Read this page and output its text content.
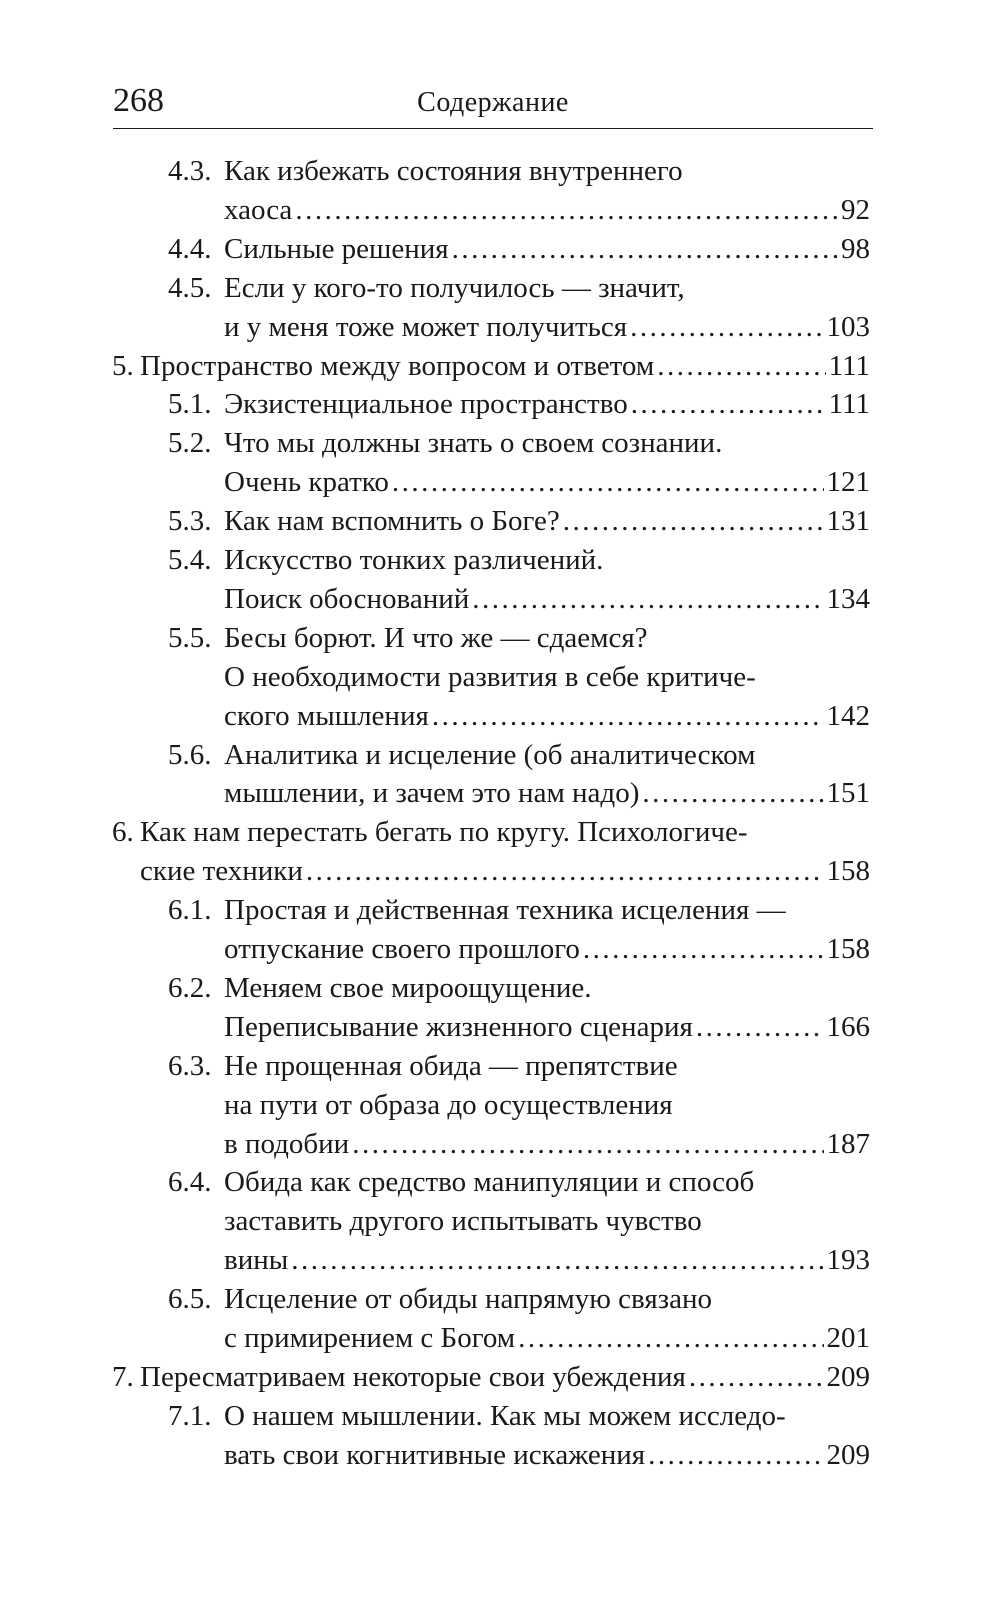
268	Содержание
4.3. Как избежать состояния внутреннего
хаоса .....	92
4.4. Сильные решения .....	98
4.5. Если у кого-то получилось — значит,
и у меня тоже может получиться .....	103
5. Пространство между вопросом и ответом .....	111
5.1. Экзистенциальное пространство .....	111
5.2. Что мы должны знать о своем сознании.
Очень кратко .....	121
5.3. Как нам вспомнить о Боге? .....	131
5.4. Искусство тонких различений.
Поиск обоснований .....	134
5.5. Бесы борют. И что же — сдаемся?
О необходимости развития в себе критиче-
ского мышления .....	142
5.6. Аналитика и исцеление (об аналитическом
мышлении, и зачем это нам надо) .....	151
6. Как нам перестать бегать по кругу. Психологиче-
ские техники .....	158
6.1. Простая и действенная техника исцеления —
отпускание своего прошлого .....	158
6.2. Меняем свое мироощущение.
Переписывание жизненного сценария .....	166
6.3. Не прощенная обида — препятствие
на пути от образа до осуществления
в подобии .....	187
6.4. Обида как средство манипуляции и способ
заставить другого испытывать чувство
вины .....	193
6.5. Исцеление от обиды напрямую связано
с примирением с Богом .....	201
7. Пересматриваем некоторые свои убеждения .....	209
7.1. О нашем мышлении. Как мы можем исследо-
вать свои когнитивные искажения .....	209
